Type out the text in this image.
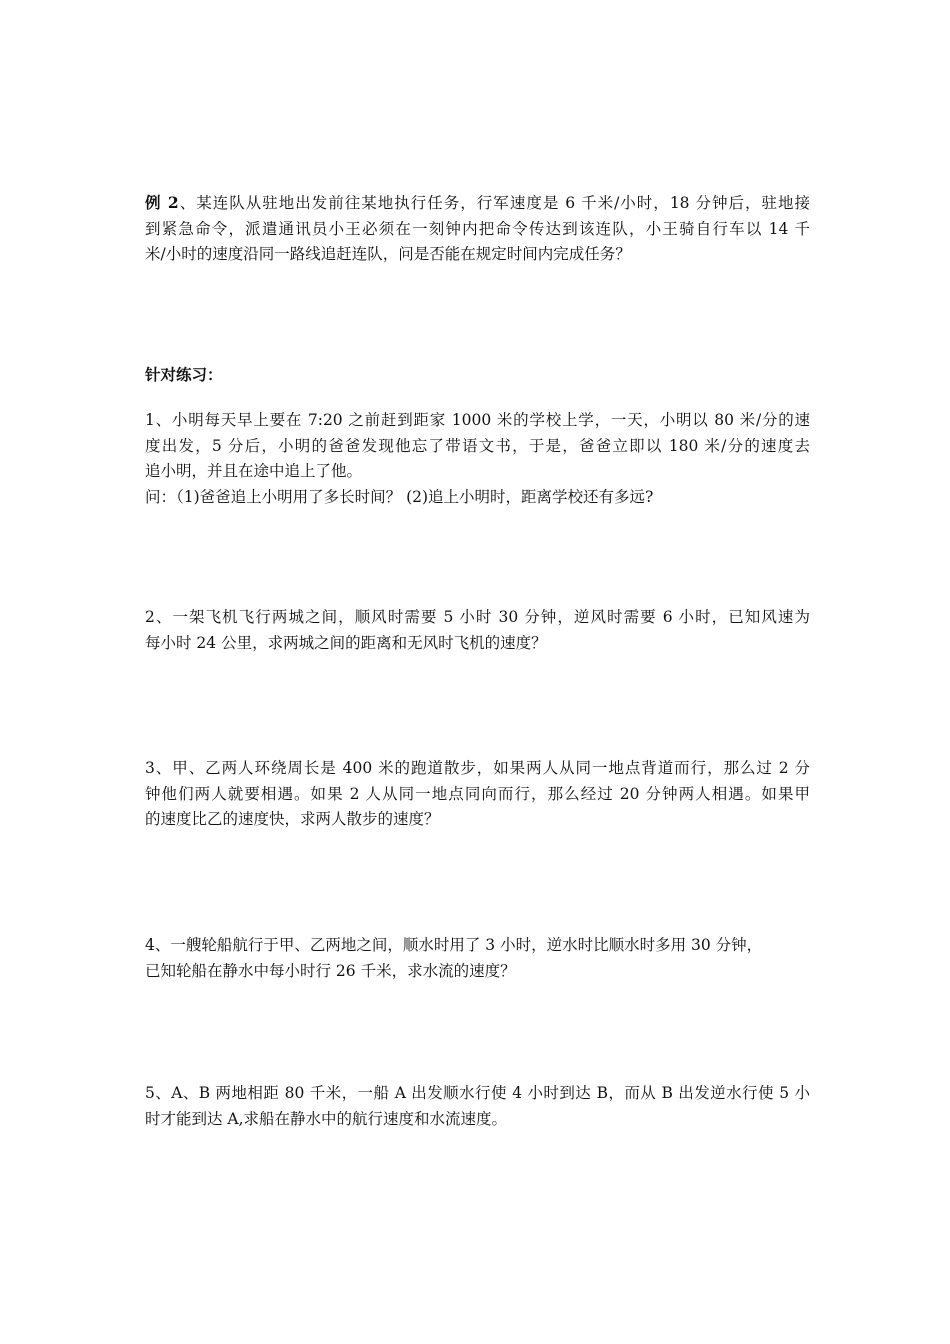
例 2、某连队从驻地出发前往某地执行任务，行军速度是 6 千米/小时，18 分钟后，驻地接
到紧急命令，派遣通讯员小王必须在一刻钟内把命令传达到该连队，小王骑自行车以 14 千
米/小时的速度沿同一路线追赶连队，问是否能在规定时间内完成任务？
针对练习：
1、小明每天早上要在 7:20 之前赶到距家 1000 米的学校上学，一天，小明以 80 米/分的速
度出发，5 分后，小明的爸爸发现他忘了带语文书，于是，爸爸立即以 180 米/分的速度去
追小明，并且在途中追上了他。
问：（1)爸爸追上小明用了多长时间？ (2)追上小明时，距离学校还有多远?
2、一架飞机飞行两城之间，顺风时需要 5 小时 30 分钟，逆风时需要 6 小时，已知风速为
每小时 24 公里，求两城之间的距离和无风时飞机的速度？
3、甲、乙两人环绕周长是 400 米的跑道散步，如果两人从同一地点背道而行，那么过 2 分
钟他们两人就要相遇。如果 2 人从同一地点同向而行，那么经过 20 分钟两人相遇。如果甲
的速度比乙的速度快，求两人散步的速度？
4、一艘轮船航行于甲、乙两地之间，顺水时用了 3 小时，逆水时比顺水时多用 30 分钟，
已知轮船在静水中每小时行 26 千米，求水流的速度？
5、A、B 两地相距 80 千米，一船 A 出发顺水行使 4 小时到达 B，而从 B 出发逆水行使 5 小
时才能到达 A,求船在静水中的航行速度和水流速度。
